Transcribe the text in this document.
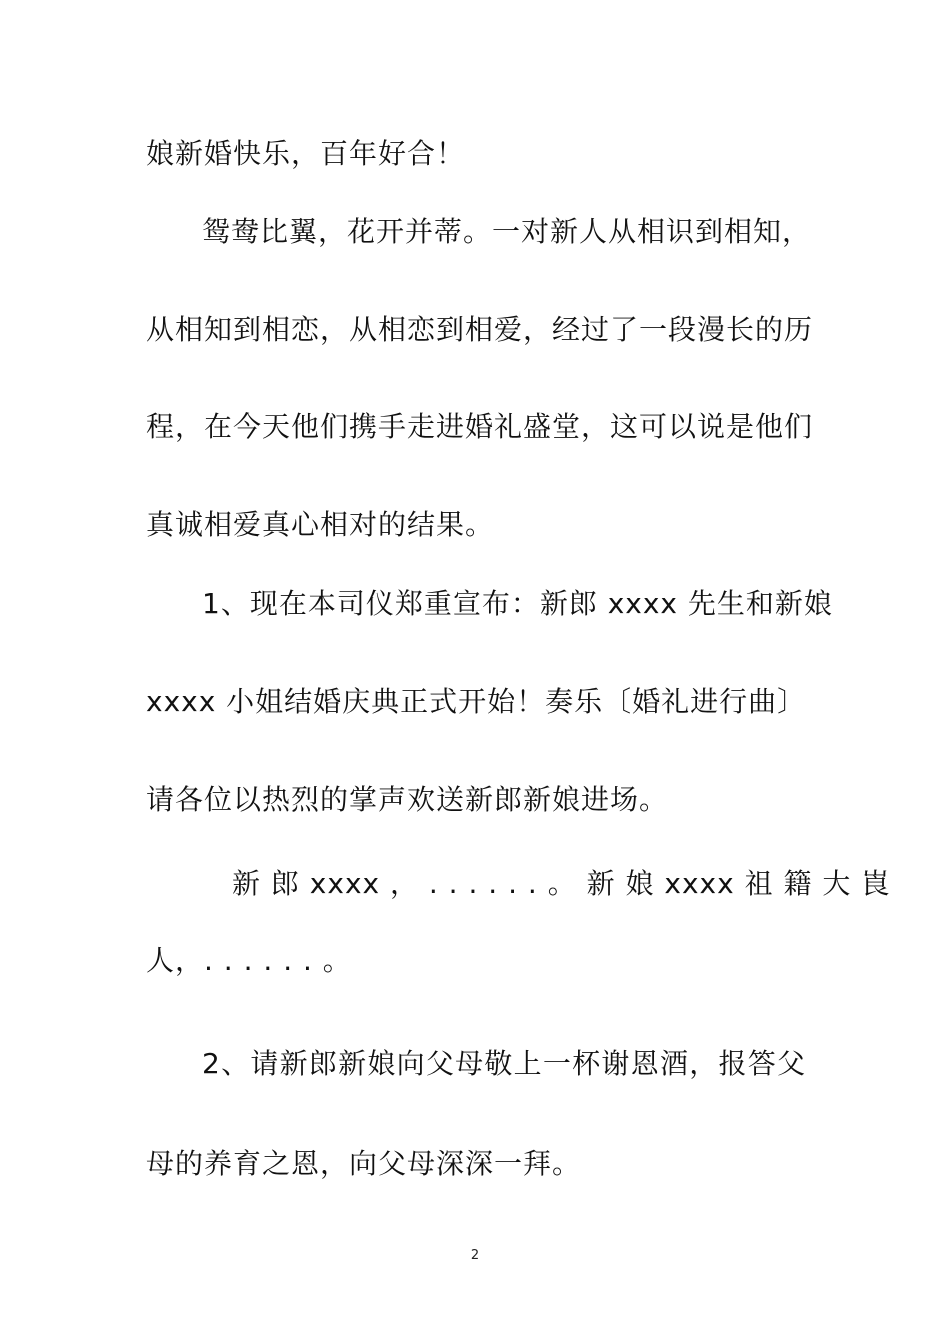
娘新婚快乐，百年好合！
鸳鸯比翼，花开并蒂。一对新人从相识到相知，
从相知到相恋，从相恋到相爱，经过了一段漫长的历
程，在今天他们携手走进婚礼盛堂，这可以说是他们
真诚相爱真心相对的结果。
1、现在本司仪郑重宣布：新郎 xxxx 先生和新娘
xxxx 小姐结婚庆典正式开始！奏乐〔婚礼进行曲〕
请各位以热烈的掌声欢送新郎新娘进场。
新 郎 xxxx ， . . . . . . 。 新 娘 xxxx 祖 籍 大 崀
人，. . . . . . 。
2、请新郎新娘向父母敬上一杯谢恩酒，报答父
母的养育之恩，向父母深深一拜。
2
